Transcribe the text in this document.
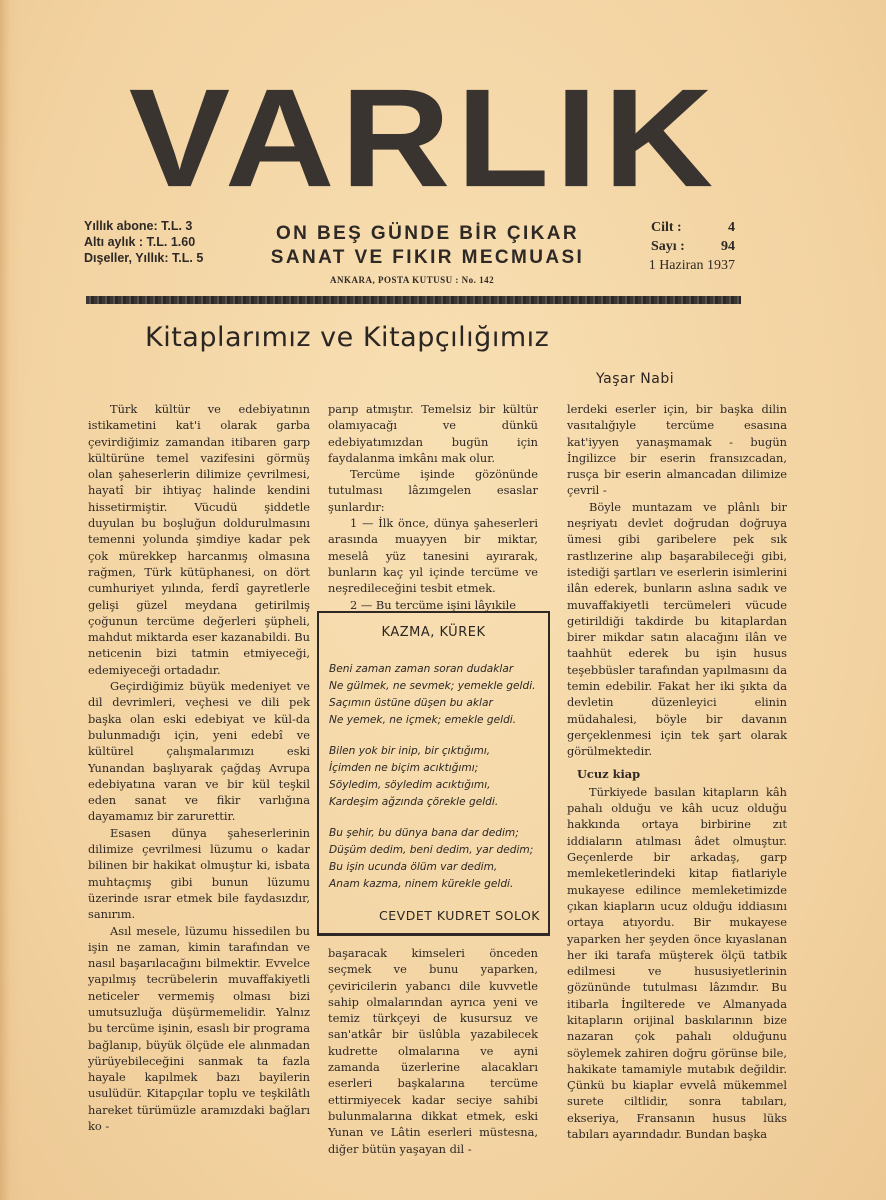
VARLIK
Yıllık abone: T.L. 3
Altı aylık : T.L. 1.60
Dışeller, Yıllık: T.L. 5
ON BEŞ GÜNDE BİR ÇIKAR
SANAT VE FIKIR MECMUASI
ANKARA, POSTA KUTUSU : No. 142
Cilt :	4
Sayı :	94
1 Haziran 1937
Kitaplarımız ve Kitapçılığımız
Yaşar Nabi

Türk kültür ve edebiyatının istikametini kat'i olarak garba çevirdiğimiz zamandan itibaren garp kültürüne temel vazifesini görmüş olan şaheserlerin dilimize çevrilmesi, hayatî bir ihtiyaç halinde kendini hissetirmiştir. Vücudü şiddetle duyulan bu boşluğun doldurulmasını temenni yolunda şimdiye kadar pek çok mürekkep harcanmış olmasına rağmen, Türk kütüphanesi, on dört cumhuriyet yılında, ferdî gayretlerle gelişi güzel meydana getirilmiş çoğunun tercüme değerleri şüpheli, mahdut miktarda eser kazanabildi. Bu neticenin bizi tatmin etmiyeceği, edemiyeceği ortadadır.

Geçirdiğimiz büyük medeniyet ve dil devrimleri, veçhesi ve dili pek başka olan eski edebiyat ve kül-da bulunmadığı için, yeni edebî ve kültürel çalışmalarımızı eski Yunandan başlıyarak çağdaş Avrupa edebiyatına varan ve bir kül teşkil eden sanat ve fikir varlığına dayamamız bir zarurettir.

Esasen dünya şaheserlerinin dilimize çevrilmesi lüzumu o kadar bilinen bir hakikat olmuştur ki, isbata muhtaçmış gibi bunun lüzumu üzerinde ısrar etmek bile faydasızdır, sanırım.

Asıl mesele, lüzumu hissedilen bu işin ne zaman, kimin tarafından ve nasıl başarılacağını bilmektir. Evvelce yapılmış tecrübelerin muvaffakiyetli neticeler vermemiş olması bizi umutsuzluğa düşürmemelidir. Yalnız bu tercüme işinin, esaslı bir programa bağlanıp, büyük ölçüde ele alınmadan yürüyebileceğini sanmak ta fazla hayale kapılmek bazı bayilerin usulüdür. Kitapçılar toplu ve teşkilâtlı hareket türümüzle aramızdaki bağları ko -

parıp atmıştır. Temelsiz bir kültür olamıyacağı ve dünkü edebiyatımızdan bugün için faydalanma imkânı mak olur.

Tercüme işinde gözönünde tutulması lâzımgelen esaslar şunlardır:

1 — İlk önce, dünya şaheserleri arasında muayyen bir miktar, meselâ yüz tanesini ayırarak, bunların kaç yıl içinde tercüme ve neşredileceğini tesbit etmek.

2 — Bu tercüme işini lâyıkile

KAZMA, KÜREK
Beni zaman zaman soran dudaklar
Ne gülmek, ne sevmek; yemekle geldi.
Saçımın üstüne düşen bu aklar
Ne yemek, ne içmek; emekle geldi.
Bilen yok bir inip, bir çıktığımı,
İçimden ne biçim acıktığımı;
Söyledim, söyledim acıktığımı,
Kardeşim ağzında çörekle geldi.
Bu şehir, bu dünya bana dar dedim;
Düşüm dedim, beni dedim, yar dedim;
Bu işin ucunda ölüm var dedim,
Anam kazma, ninem kürekle geldi.
CEVDET KUDRET SOLOK

başaracak kimseleri önceden seçmek ve bunu yaparken, çeviricilerin yabancı dile kuvvetle sahip olmalarından ayrıca yeni ve temiz türkçeyi de kusursuz ve san'atkâr bir üslûbla yazabilecek kudrette olmalarına ve ayni zamanda üzerlerine alacakları eserleri başkalarına tercüme ettirmiyecek kadar seciye sahibi bulunmalarına dikkat etmek, eski Yunan ve Lâtin eserleri müstesna, diğer bütün yaşayan dil -

lerdeki eserler için, bir başka dilin vasıtalığıyle tercüme esasına kat'iyyen yanaşmamak - bugün İngilizce bir eserin fransızcadan, rusça bir eserin almancadan dilimize çevril -

Böyle muntazam ve plânlı bir neşriyatı devlet doğrudan doğruya ümesi gibi garibelere pek sık rastlızerine alıp başarabileceği gibi, istediği şartları ve eserlerin isimlerini ilân ederek, bunların aslına sadık ve muvaffakiyetli tercümeleri vücude getirildiği takdirde bu kitaplardan birer mikdar satın alacağını ilân ve taahhüt ederek bu işin husus teşebbüsler tarafından yapılmasını da temin edebilir. Fakat her iki şıkta da devletin düzenleyici elinin müdahalesi, böyle bir davanın gerçeklenmesi için tek şart olarak görülmektedir.

Ucuz kiap

Türkiyede basılan kitapların kâh pahalı olduğu ve kâh ucuz olduğu hakkında ortaya birbirine zıt iddiaların atılması âdet olmuştur. Geçenlerde bir arkadaş, garp memleketlerindeki kitap fiatlariyle mukayese edilince memleketimizde çıkan kiapların ucuz olduğu iddiasını ortaya atıyordu. Bir mukayese yaparken her şeyden önce kıyaslanan her iki tarafa müşterek ölçü tatbik edilmesi ve hususiyetlerinin gözününde tutulması lâzımdır. Bu itibarla İngilterede ve Almanyada kitapların orijinal baskılarının bize nazaran çok pahalı olduğunu söylemek zahiren doğru görünse bile, hakikate tamamiyle mutabık değildir. Çünkü bu kiaplar evvelâ mükemmel surete ciltlidir, sonra tabıları, ekseriya, Fransanın husus lüks tabıları ayarındadır. Bundan başka
